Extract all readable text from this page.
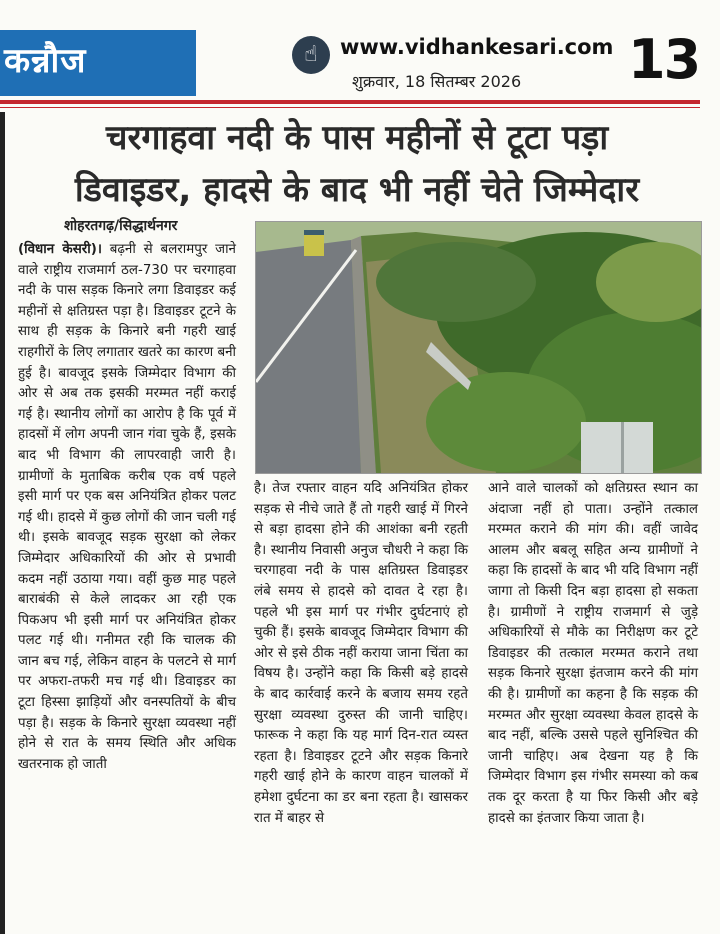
कन्नौज	☝	www.vidhankesari.com
शुक्रवार, 18 सितम्बर 2026 13
चरगाहवा नदी के पास महीनों से टूटा पड़ा
डिवाइडर, हादसे के बाद भी नहीं चेते जिम्मेदार
शोहरतगढ़/सिद्धार्थनगर
(विधान केसरी)। बढ़नी से बलरामपुर जाने वाले राष्ट्रीय राजमार्ग ठल-730 पर चरगाहवा नदी के पास सड़क किनारे लगा डिवाइडर कई महीनों से क्षतिग्रस्त पड़ा है। डिवाइडर टूटने के साथ ही सड़क के किनारे बनी गहरी खाई राहगीरों के लिए लगातार खतरे का कारण बनी हुई है। बावजूद इसके जिम्मेदार विभाग की ओर से अब तक इसकी मरम्मत नहीं कराई गई है। स्थानीय लोगों का आरोप है कि पूर्व में हादसों में लोग अपनी जान गंवा चुके हैं, इसके बाद भी विभाग की लापरवाही जारी है। ग्रामीणों के मुताबिक करीब एक वर्ष पहले इसी मार्ग पर एक बस अनियंत्रित होकर पलट गई थी। हादसे में कुछ लोगों की जान चली गई थी। इसके बावजूद सड़क सुरक्षा को लेकर जिम्मेदार अधिकारियों की ओर से प्रभावी कदम नहीं उठाया गया। वहीं कुछ माह पहले बाराबंकी से केले लादकर आ रही एक पिकअप भी इसी मार्ग पर अनियंत्रित होकर पलट गई थी। गनीमत रही कि चालक की जान बच गई, लेकिन वाहन के पलटने से मार्ग पर अफरा-तफरी मच गई थी। डिवाइडर का टूटा हिस्सा झाड़ियों और वनस्पतियों के बीच पड़ा है। सड़क के किनारे सुरक्षा व्यवस्था नहीं होने से रात के समय स्थिति और अधिक खतरनाक हो जाती
है। तेज रफ्तार वाहन यदि अनियंत्रित होकर सड़क से नीचे जाते हैं तो गहरी खाई में गिरने से बड़ा हादसा होने की आशंका बनी रहती है। स्थानीय निवासी अनुज चौधरी ने कहा कि चरगाहवा नदी के पास क्षतिग्रस्त डिवाइडर लंबे समय से हादसे को दावत दे रहा है। पहले भी इस मार्ग पर गंभीर दुर्घटनाएं हो चुकी हैं। इसके बावजूद जिम्मेदार विभाग की ओर से इसे ठीक नहीं कराया जाना चिंता का विषय है। उन्होंने कहा कि किसी बड़े हादसे के बाद कार्रवाई करने के बजाय समय रहते सुरक्षा व्यवस्था दुरुस्त की जानी चाहिए। फारूक ने कहा कि यह मार्ग दिन-रात व्यस्त रहता है। डिवाइडर टूटने और सड़क किनारे गहरी खाई होने के कारण वाहन चालकों में हमेशा दुर्घटना का डर बना रहता है। खासकर रात में बाहर से
आने वाले चालकों को क्षतिग्रस्त स्थान का अंदाजा नहीं हो पाता। उन्होंने तत्काल मरम्मत कराने की मांग की। वहीं जावेद आलम और बबलू सहित अन्य ग्रामीणों ने कहा कि हादसों के बाद भी यदि विभाग नहीं जागा तो किसी दिन बड़ा हादसा हो सकता है। ग्रामीणों ने राष्ट्रीय राजमार्ग से जुड़े अधिकारियों से मौके का निरीक्षण कर टूटे डिवाइडर की तत्काल मरम्मत कराने तथा सड़क किनारे सुरक्षा इंतजाम करने की मांग की है। ग्रामीणों का कहना है कि सड़क की मरम्मत और सुरक्षा व्यवस्था केवल हादसे के बाद नहीं, बल्कि उससे पहले सुनिश्चित की जानी चाहिए। अब देखना यह है कि जिम्मेदार विभाग इस गंभीर समस्या को कब तक दूर करता है या फिर किसी और बड़े हादसे का इंतजार किया जाता है।
